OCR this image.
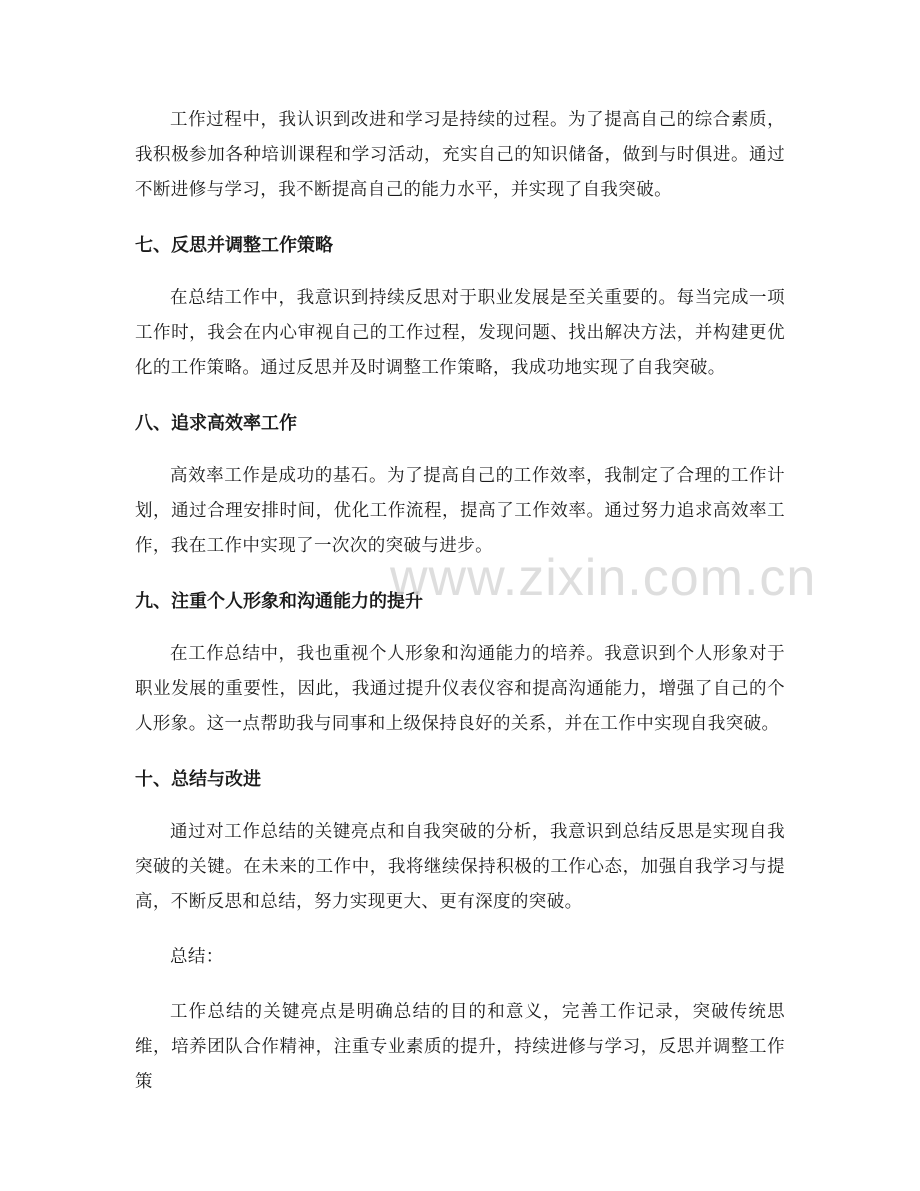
工作过程中，我认识到改进和学习是持续的过程。为了提高自己的综合素质，我积极参加各种培训课程和学习活动，充实自己的知识储备，做到与时俱进。通过不断进修与学习，我不断提高自己的能力水平，并实现了自我突破。

七、反思并调整工作策略

在总结工作中，我意识到持续反思对于职业发展是至关重要的。每当完成一项工作时，我会在内心审视自己的工作过程，发现问题、找出解决方法，并构建更优化的工作策略。通过反思并及时调整工作策略，我成功地实现了自我突破。

八、追求高效率工作

高效率工作是成功的基石。为了提高自己的工作效率，我制定了合理的工作计划，通过合理安排时间，优化工作流程，提高了工作效率。通过努力追求高效率工作，我在工作中实现了一次次的突破与进步。

九、注重个人形象和沟通能力的提升

在工作总结中，我也重视个人形象和沟通能力的培养。我意识到个人形象对于职业发展的重要性，因此，我通过提升仪表仪容和提高沟通能力，增强了自己的个人形象。这一点帮助我与同事和上级保持良好的关系，并在工作中实现自我突破。

十、总结与改进

通过对工作总结的关键亮点和自我突破的分析，我意识到总结反思是实现自我突破的关键。在未来的工作中，我将继续保持积极的工作心态，加强自我学习与提高，不断反思和总结，努力实现更大、更有深度的突破。

总结：

工作总结的关键亮点是明确总结的目的和意义，完善工作记录，突破传统思维，培养团队合作精神，注重专业素质的提升，持续进修与学习，反思并调整工作策

www.zixin.com.cn
